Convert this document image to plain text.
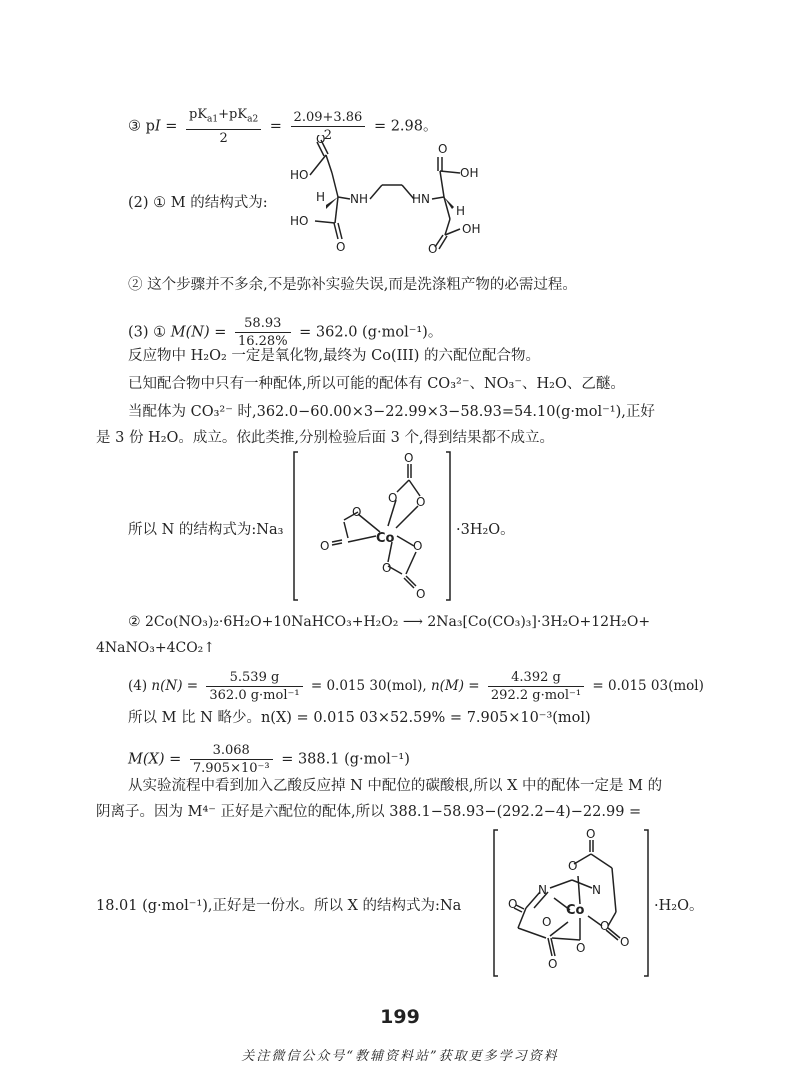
③ pI = $\frac{pK_{a1}+pK_{a2}}{2} = \frac{2.09+3.86}{2} = 2.98$。
(2) ① M 的结构式为:
HO
O
H NH	HN
OH
O
H
HO
O
OH
O
② 这个步骤并不多余,不是弥补实验失误,而是洗涤粗产物的必需过程。
(3) ① $M(N) = \frac{58.93}{16.28\%} = 362.0$ (g·mol⁻¹)。
反应物中 H₂O₂ 一定是氧化物,最终为 Co(III) 的六配位配合物。
已知配合物中只有一种配体,所以可能的配体有 CO₃²⁻、NO₃⁻、H₂O、乙醚。
当配体为 CO₃²⁻ 时,362.0−60.00×3−22.99×3−58.93=54.10(g·mol⁻¹),正好
是 3 份 H₂O。成立。依此类推,分别检验后面 3 个,得到结果都不成立。
所以 N 的结构式为:Na₃
O
O O
O
Co
O	O
O
O
·3H₂O。
② 2Co(NO₃)₂·6H₂O+10NaHCO₃+H₂O₂ ⟶ 2Na₃[Co(CO₃)₃]·3H₂O+12H₂O+
4NaNO₃+4CO₂↑
(4) $n(N) = \frac{5.539 g}{\text{362.0 g·mol⁻¹}} = 0.015$ 30(mol), $n(M) = \frac{4.392 g}{\text{292.2 g·mol⁻¹}} = 0.015$ 03(mol)
所以 M 比 N 略少。n(X) = 0.015 03×52.59% = 7.905×10⁻³(mol)
$M(X) = \frac{3.068}{\text{7.905×10⁻³}} = 388.1$ (g·mol⁻¹)
从实验流程中看到加入乙酸反应掉 N 中配位的碳酸根,所以 X 中的配体一定是 M 的
阴离子。因为 M⁴⁻ 正好是六配位的配体,所以 388.1−58.93−(292.2−4)−22.99 =
18.01 (g·mol⁻¹),正好是一份水。所以 X 的结构式为:Na
O
O
N	N
Co
O
O	O
O	O
O
·H₂O。
199
关注微信公众号“教辅资料站”获取更多学习资料
